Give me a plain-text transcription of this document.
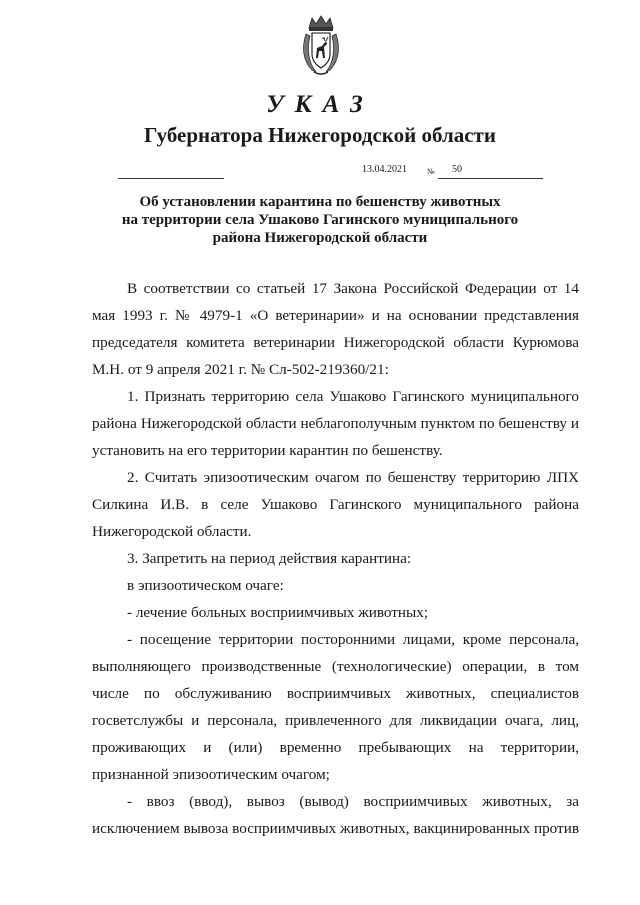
УКАЗ
Губернатора Нижегородской области
13.04.2021	№ 50
Об установлении карантина по бешенству животных
на территории села Ушаково Гагинского муниципального
района Нижегородской области

В соответствии со статьей 17 Закона Российской Федерации от 14 мая 1993 г. № 4979-1 «О ветеринарии» и на основании представления председателя комитета ветеринарии Нижегородской области Курюмова М.Н. от 9 апреля 2021 г. № Сл-502-219360/21:

1. Признать территорию села Ушаково Гагинского муниципального района Нижегородской области неблагополучным пунктом по бешенству и установить на его территории карантин по бешенству.

2. Считать эпизоотическим очагом по бешенству территорию ЛПХ Силкина И.В. в селе Ушаково Гагинского муниципального района Нижегородской области.

3. Запретить на период действия карантина:

в эпизоотическом очаге:

- лечение больных восприимчивых животных;

- посещение территории посторонними лицами, кроме персонала, выполняющего производственные (технологические) операции, в том числе по обслуживанию восприимчивых животных, специалистов госветслужбы и персонала, привлеченного для ликвидации очага, лиц, проживающих и (или) временно пребывающих на территории, признанной эпизоотическим очагом;

- ввоз (ввод), вывоз (вывод) восприимчивых животных, за исключением вывоза восприимчивых животных, вакцинированных против
